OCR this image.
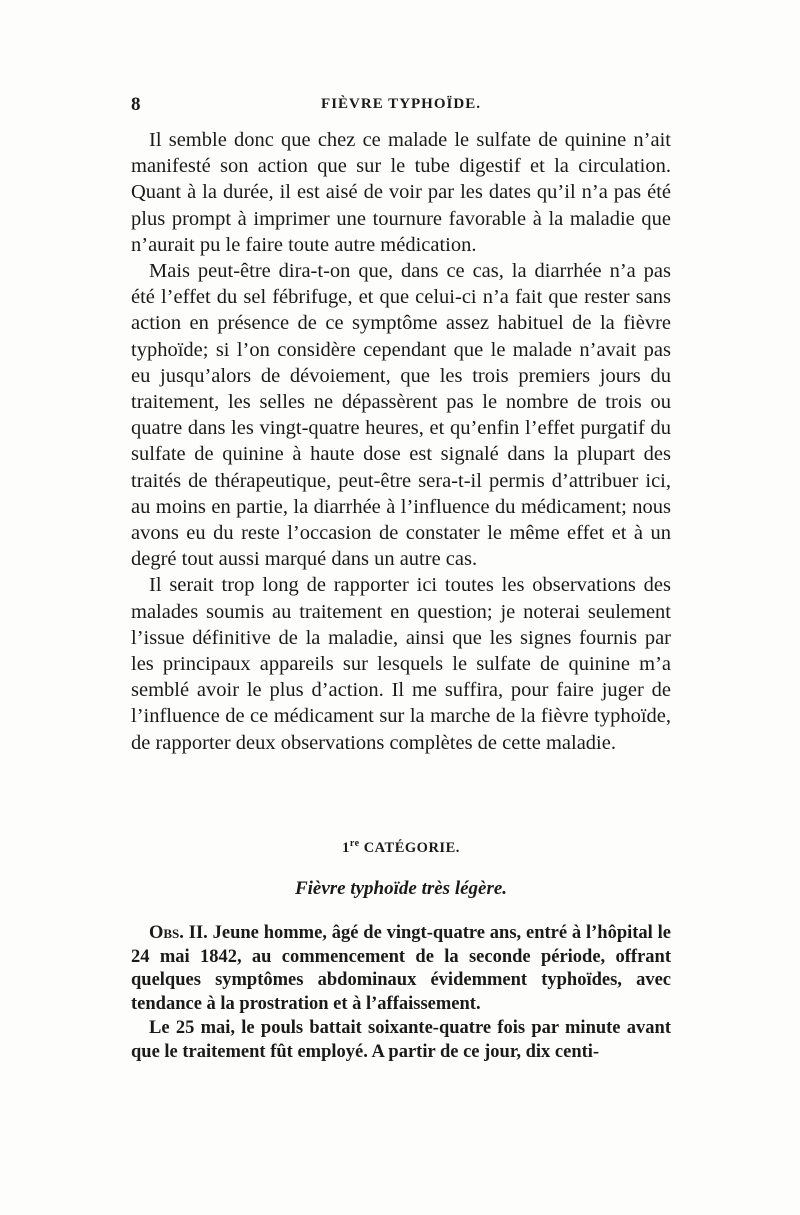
8	FIÈVRE TYPHOÏDE.

Il semble donc que chez ce malade le sulfate de quinine n’ait manifesté son action que sur le tube digestif et la circulation. Quant à la durée, il est aisé de voir par les dates qu’il n’a pas été plus prompt à imprimer une tournure favorable à la maladie que n’aurait pu le faire toute autre médication.

Mais peut-être dira-t-on que, dans ce cas, la diarrhée n’a pas été l’effet du sel fébrifuge, et que celui-ci n’a fait que rester sans action en présence de ce symptôme assez habituel de la fièvre typhoïde; si l’on considère cependant que le malade n’avait pas eu jusqu’alors de dévoiement, que les trois premiers jours du traitement, les selles ne dépassèrent pas le nombre de trois ou quatre dans les vingt-quatre heures, et qu’enfin l’effet purgatif du sulfate de quinine à haute dose est signalé dans la plupart des traités de thérapeutique, peut-être sera-t-il permis d’attribuer ici, au moins en partie, la diarrhée à l’influence du médicament; nous avons eu du reste l’occasion de constater le même effet et à un degré tout aussi marqué dans un autre cas.

Il serait trop long de rapporter ici toutes les observations des malades soumis au traitement en question; je noterai seulement l’issue définitive de la maladie, ainsi que les signes fournis par les principaux appareils sur lesquels le sulfate de quinine m’a semblé avoir le plus d’action. Il me suffira, pour faire juger de l’influence de ce médicament sur la marche de la fièvre typhoïde, de rapporter deux observations complètes de cette maladie.

1re CATÉGORIE.
Fièvre typhoïde très légère.

Obs. II. Jeune homme, âgé de vingt-quatre ans, entré à l’hôpital le 24 mai 1842, au commencement de la seconde période, offrant quelques symptômes abdominaux évidemment typhoïdes, avec tendance à la prostration et à l’affaissement.

Le 25 mai, le pouls battait soixante-quatre fois par minute avant que le traitement fût employé. A partir de ce jour, dix centi-
